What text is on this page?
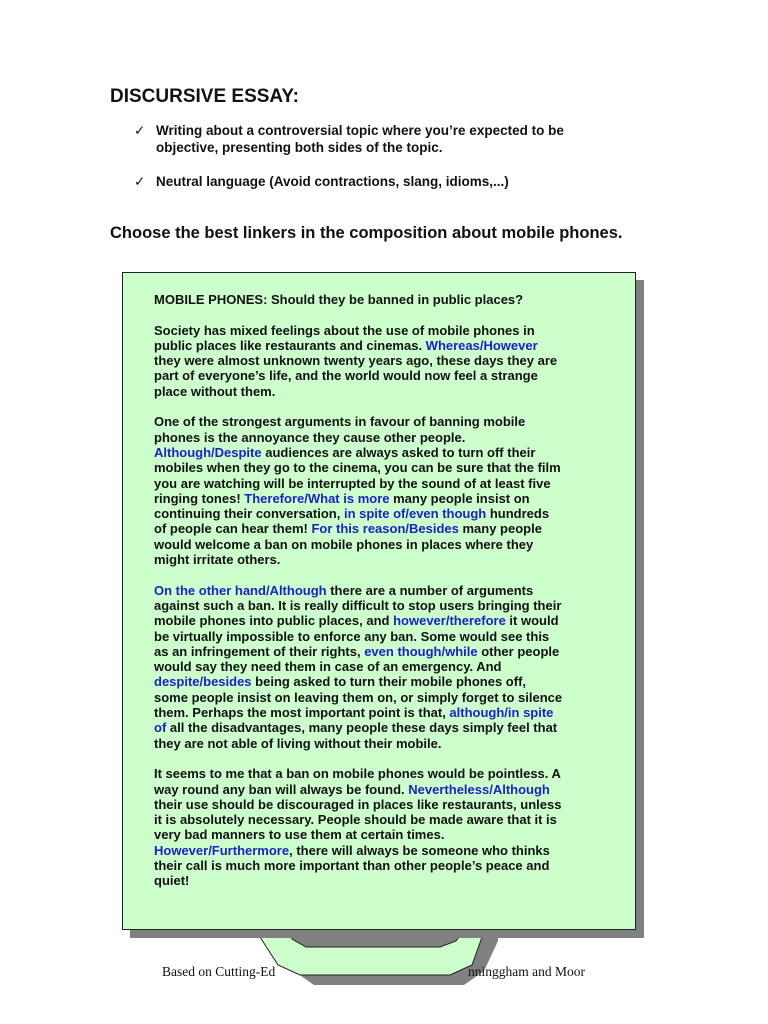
DISCURSIVE ESSAY:
✓ Writing about a controversial topic where you’re expected to be
objective, presenting both sides of the topic.
✓ Neutral language (Avoid contractions, slang, idioms,...)
Choose the best linkers in the composition about mobile phones.
MOBILE PHONES: Should they be banned in public places?
Society has mixed feelings about the use of mobile phones in
public places like restaurants and cinemas. Whereas/However
they were almost unknown twenty years ago, these days they are
part of everyone’s life, and the world would now feel a strange
place without them.
One of the strongest arguments in favour of banning mobile
phones is the annoyance they cause other people.
Although/Despite audiences are always asked to turn off their
mobiles when they go to the cinema, you can be sure that the film
you are watching will be interrupted by the sound of at least five
ringing tones! Therefore/What is more many people insist on
continuing their conversation, in spite of/even though hundreds
of people can hear them! For this reason/Besides many people
would welcome a ban on mobile phones in places where they
might irritate others.
On the other hand/Although there are a number of arguments
against such a ban. It is really difficult to stop users bringing their
mobile phones into public places, and however/therefore it would
be virtually impossible to enforce any ban. Some would see this
as an infringement of their rights, even though/while other people
would say they need them in case of an emergency. And
despite/besides being asked to turn their mobile phones off,
some people insist on leaving them on, or simply forget to silence
them. Perhaps the most important point is that, although/in spite
of all the disadvantages, many people these days simply feel that
they are not able of living without their mobile.
It seems to me that a ban on mobile phones would be pointless. A
way round any ban will always be found. Nevertheless/Although
their use should be discouraged in places like restaurants, unless
it is absolutely necessary. People should be made aware that it is
very bad manners to use them at certain times.
However/Furthermore, there will always be someone who thinks
their call is much more important than other people’s peace and
quiet!
Based on Cutting-Ed	nninggham and Moor
